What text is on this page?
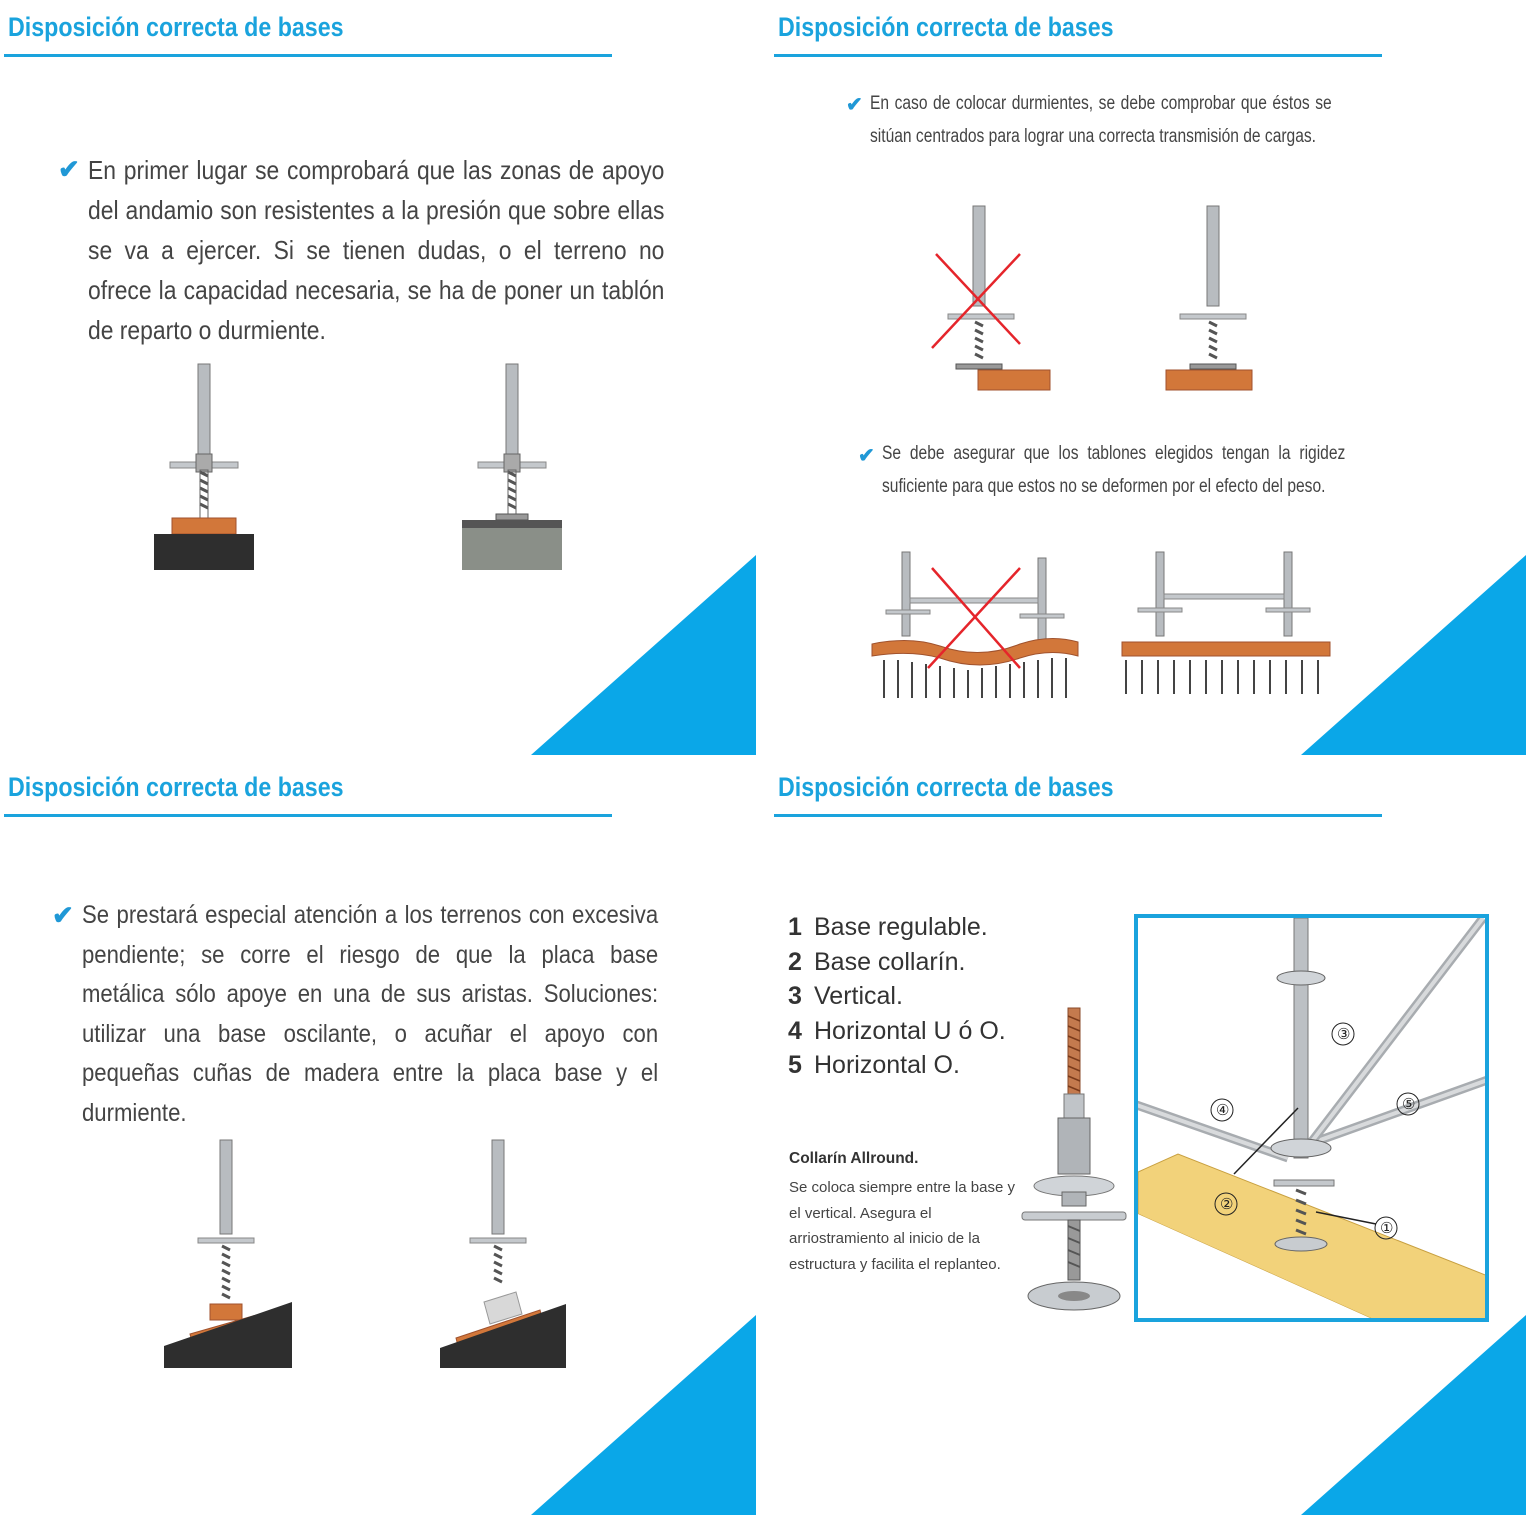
Disposición correcta de bases
✔ En primer lugar se comprobará que las zonas de apoyo del andamio son resistentes a la presión que sobre ellas se va a ejercer. Si se tienen dudas, o el terreno no ofrece la capacidad necesaria, se ha de poner un tablón de reparto o durmiente.
Disposición correcta de bases
✔ En caso de colocar durmientes, se debe comprobar que éstos se sitúan centrados para lograr una correcta transmisión de cargas.
✔ Se debe asegurar que los tablones elegidos tengan la rigidez suficiente para que estos no se deformen por el efecto del peso.
Disposición correcta de bases
✔ Se prestará especial atención a los terrenos con excesiva pendiente; se corre el riesgo de que la placa base metálica sólo apoye en una de sus aristas. Soluciones: utilizar una base oscilante, o acuñar el apoyo con pequeñas cuñas de madera entre la placa base y el durmiente.
Disposición correcta de bases
1 Base regulable.
2 Base collarín.
3 Vertical.
4 Horizontal U ó O.
5 Horizontal O.
Collarín Allround.
Se coloca siempre entre la base y el vertical. Asegura el arriostramiento al inicio de la estructura y facilita el replanteo.
③
④	⑤
②
①
